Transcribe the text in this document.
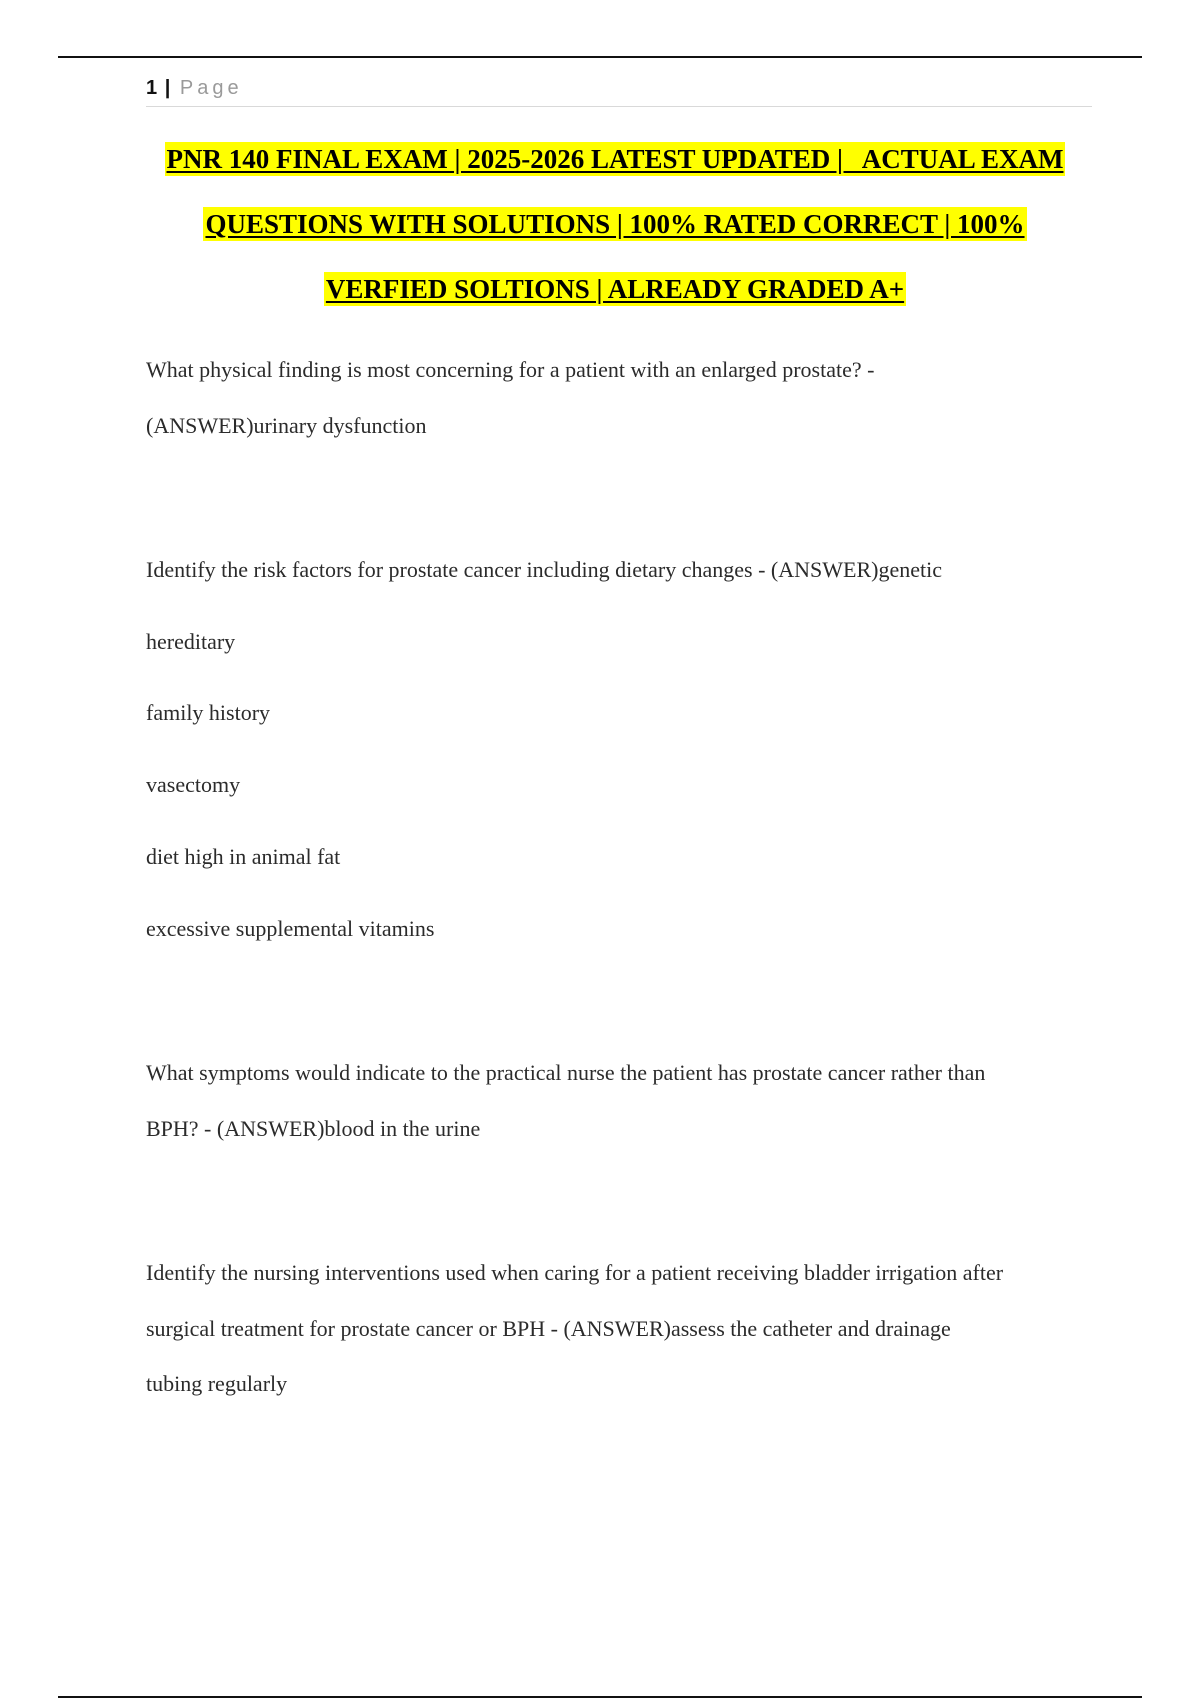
1 | Page
PNR 140 FINAL EXAM | 2025-2026 LATEST UPDATED |   ACTUAL EXAM
QUESTIONS WITH SOLUTIONS | 100% RATED CORRECT | 100%
VERFIED SOLTIONS | ALREADY GRADED A+
What physical finding is most concerning for a patient with an enlarged prostate? -
(ANSWER)urinary dysfunction
Identify the risk factors for prostate cancer including dietary changes - (ANSWER)genetic
hereditary
family history
vasectomy
diet high in animal fat
excessive supplemental vitamins
What symptoms would indicate to the practical nurse the patient has prostate cancer rather than
BPH? - (ANSWER)blood in the urine
Identify the nursing interventions used when caring for a patient receiving bladder irrigation after
surgical treatment for prostate cancer or BPH - (ANSWER)assess the catheter and drainage
tubing regularly
